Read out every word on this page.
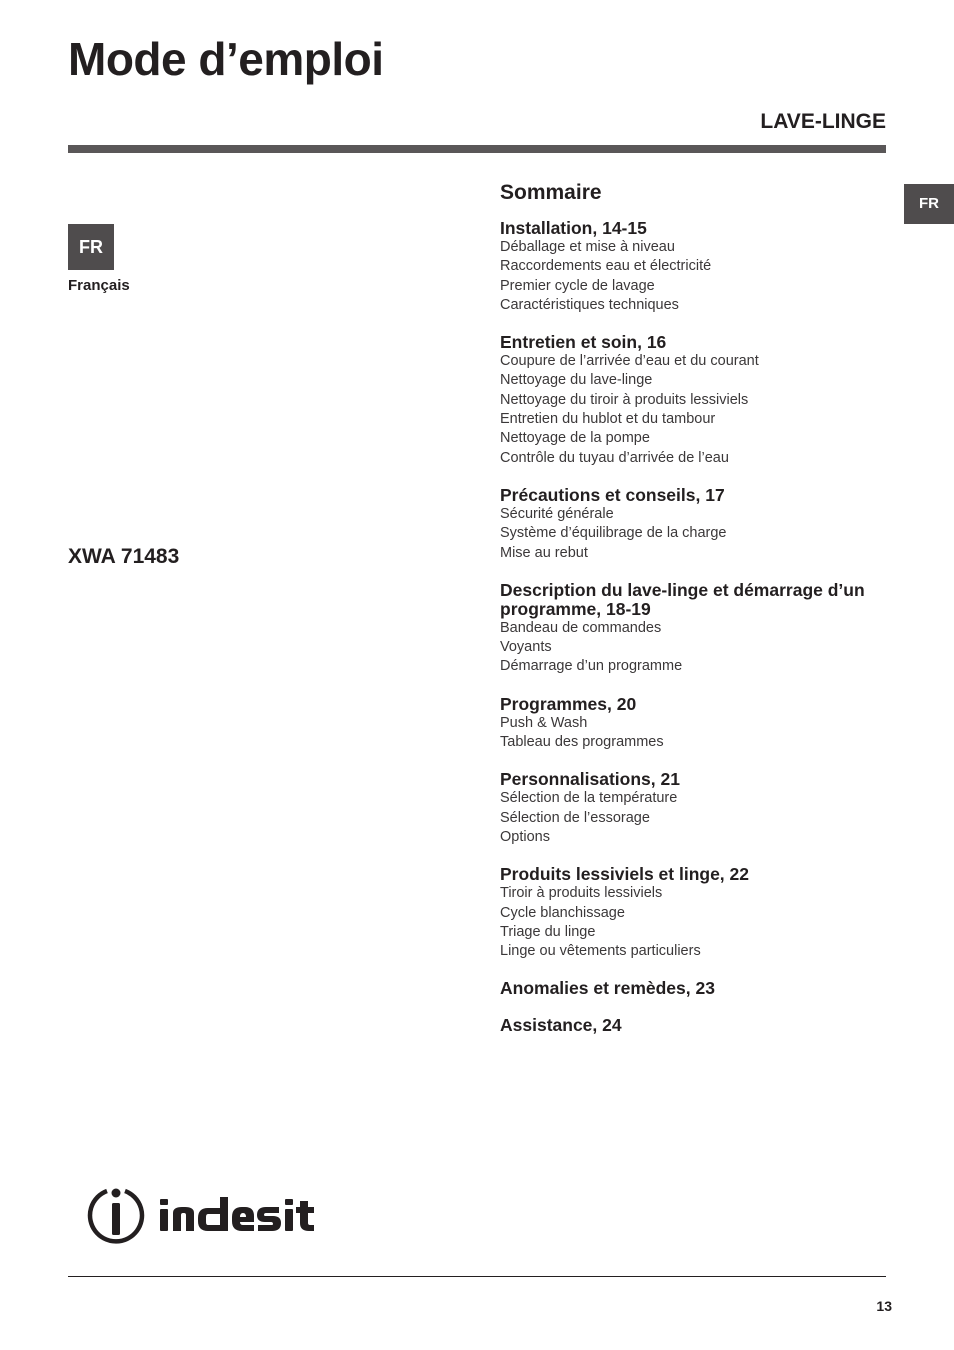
Mode d’emploi
LAVE-LINGE
FR
FR
Français
XWA 71483
Sommaire
Installation, 14-15
Déballage et mise à niveau
Raccordements eau et électricité
Premier cycle de lavage
Caractéristiques techniques
Entretien et soin, 16
Coupure de l’arrivée d’eau et du courant
Nettoyage du lave-linge
Nettoyage du tiroir à produits lessiviels
Entretien du hublot et du tambour
Nettoyage de la pompe
Contrôle du tuyau d’arrivée de l’eau
Précautions et conseils, 17
Sécurité générale
Système d’équilibrage de la charge
Mise au rebut
Description du lave-linge et démarrage d’un programme, 18-19
Bandeau de commandes
Voyants
Démarrage d’un programme
Programmes, 20
Push & Wash
Tableau des programmes
Personnalisations, 21
Sélection de la température
Sélection de l’essorage
Options
Produits lessiviels et linge, 22
Tiroir à produits lessiviels
Cycle blanchissage
Triage du linge
Linge ou vêtements particuliers
Anomalies et remèdes, 23
Assistance, 24
13
